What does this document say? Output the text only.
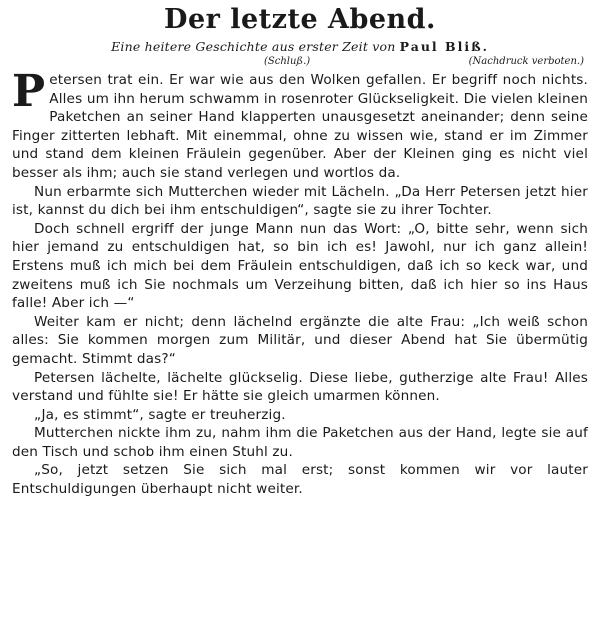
Der letzte Abend.
Eine heitere Geschichte aus erster Zeit von Paul Bliß.
(Schluß.)	(Nachdruck verboten.)

Petersen trat ein. Er war wie aus den Wolken gefallen. Er begriff noch nichts. Alles um ihn herum schwamm in rosenroter Glückseligkeit. Die vielen kleinen Paketchen an seiner Hand klapperten unausgesetzt aneinander; denn seine Finger zitterten lebhaft. Mit einemmal, ohne zu wissen wie, stand er im Zimmer und stand dem kleinen Fräulein gegenüber. Aber der Kleinen ging es nicht viel besser als ihm; auch sie stand verlegen und wortlos da.

Nun erbarmte sich Mutterchen wieder mit Lächeln. „Da Herr Petersen jetzt hier ist, kannst du dich bei ihm entschuldigen“, sagte sie zu ihrer Tochter.

Doch schnell ergriff der junge Mann nun das Wort: „O, bitte sehr, wenn sich hier jemand zu entschuldigen hat, so bin ich es! Jawohl, nur ich ganz allein! Erstens muß ich mich bei dem Fräulein entschuldigen, daß ich so keck war, und zweitens muß ich Sie nochmals um Verzeihung bitten, daß ich hier so ins Haus falle! Aber ich —“

Weiter kam er nicht; denn lächelnd ergänzte die alte Frau: „Ich weiß schon alles: Sie kommen morgen zum Militär, und dieser Abend hat Sie übermütig gemacht. Stimmt das?“

Petersen lächelte, lächelte glückselig. Diese liebe, gutherzige alte Frau! Alles verstand und fühlte sie! Er hätte sie gleich umarmen können.

„Ja, es stimmt“, sagte er treuherzig.

Mutterchen nickte ihm zu, nahm ihm die Paketchen aus der Hand, legte sie auf den Tisch und schob ihm einen Stuhl zu.

„So, jetzt setzen Sie sich mal erst; sonst kommen wir vor lauter Entschuldigungen überhaupt nicht weiter.
